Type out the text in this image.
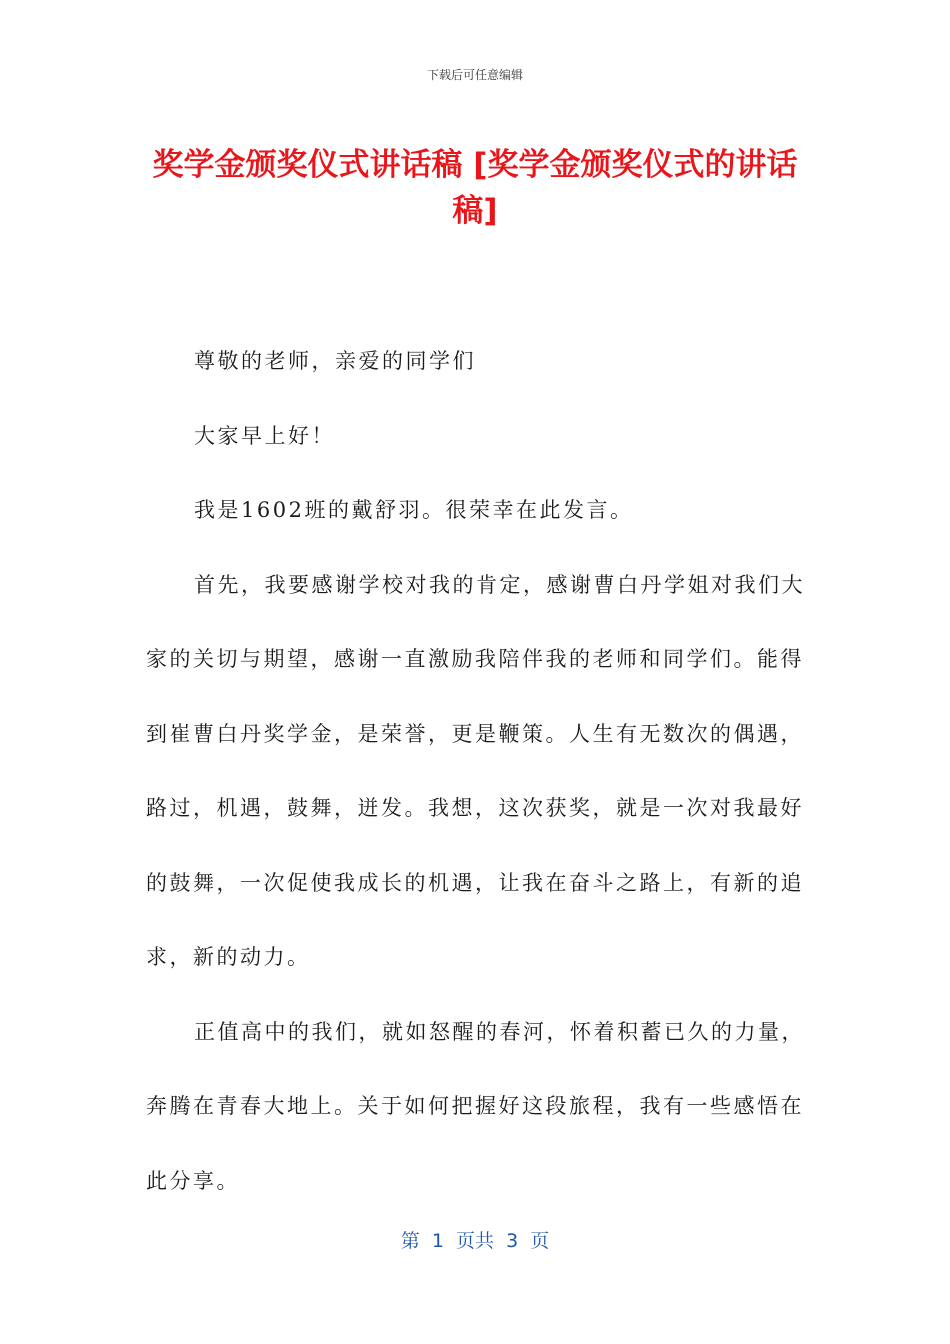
下载后可任意编辑
奖学金颁奖仪式讲话稿 [奖学金颁奖仪式的讲话稿]

尊敬的老师，亲爱的同学们

大家早上好！

我是1602班的戴舒羽。很荣幸在此发言。

首先，我要感谢学校对我的肯定，感谢曹白丹学姐对我们大家的关切与期望，感谢一直激励我陪伴我的老师和同学们。能得到崔曹白丹奖学金，是荣誉，更是鞭策。人生有无数次的偶遇，路过，机遇，鼓舞，迸发。我想，这次获奖，就是一次对我最好的鼓舞，一次促使我成长的机遇，让我在奋斗之路上，有新的追求，新的动力。

正值高中的我们，就如怒醒的春河，怀着积蓄已久的力量，奔腾在青春大地上。关于如何把握好这段旅程，我有一些感悟在此分享。

第  1  页共  3  页
